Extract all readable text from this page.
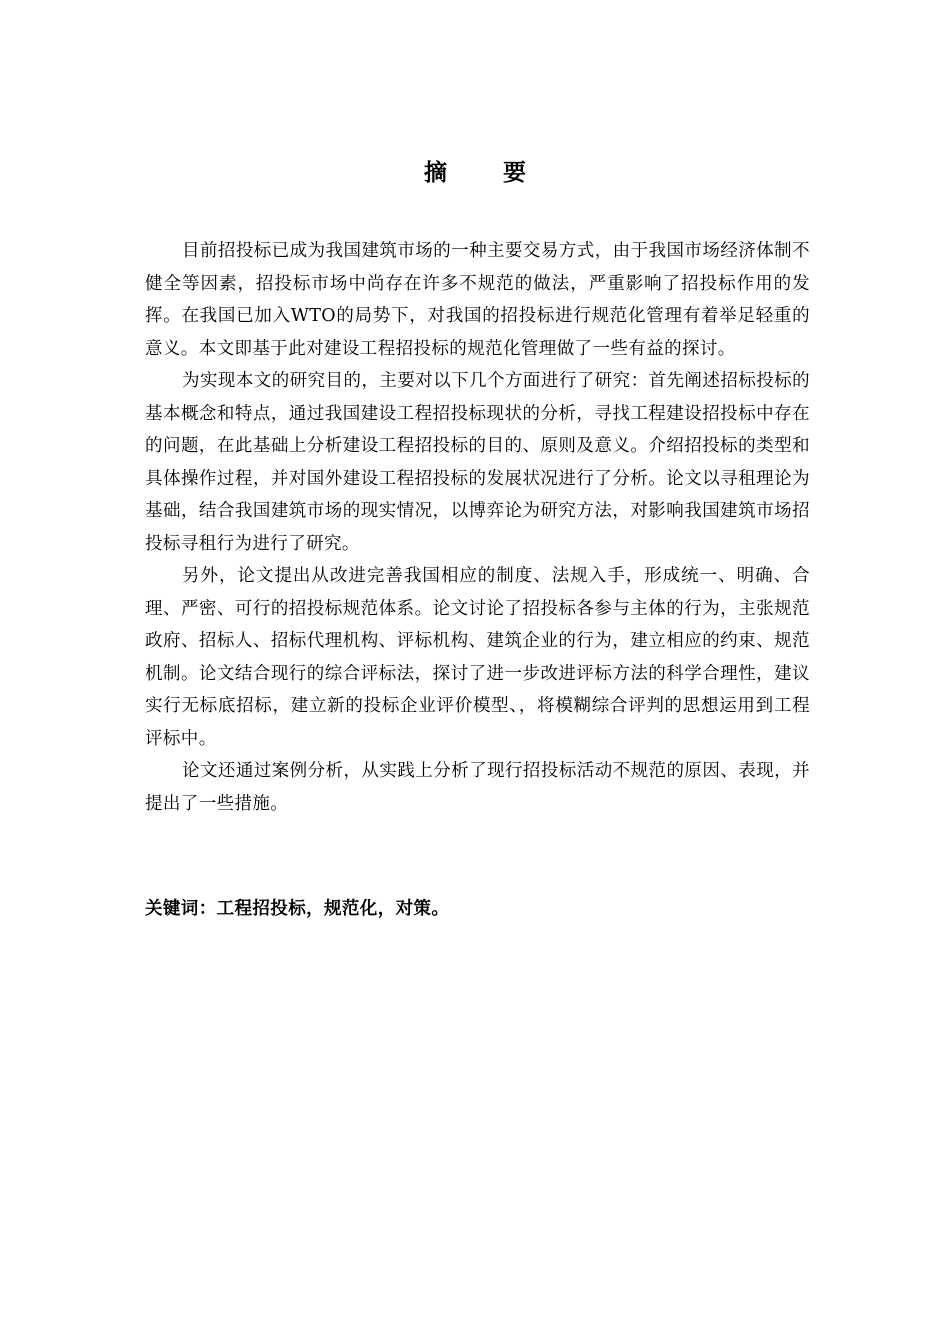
摘 要

目前招投标已成为我国建筑市场的一种主要交易方式，由于我国市场经济体制不健全等因素，招投标市场中尚存在许多不规范的做法，严重影响了招投标作用的发挥。在我国已加入WTO的局势下，对我国的招投标进行规范化管理有着举足轻重的意义。本文即基于此对建设工程招投标的规范化管理做了一些有益的探讨。

为实现本文的研究目的，主要对以下几个方面进行了研究：首先阐述招标投标的基本概念和特点，通过我国建设工程招投标现状的分析，寻找工程建设招投标中存在的问题，在此基础上分析建设工程招投标的目的、原则及意义。介绍招投标的类型和具体操作过程，并对国外建设工程招投标的发展状况进行了分析。论文以寻租理论为基础，结合我国建筑市场的现实情况，以博弈论为研究方法，对影响我国建筑市场招投标寻租行为进行了研究。

另外，论文提出从改进完善我国相应的制度、法规入手，形成统一、明确、合理、严密、可行的招投标规范体系。论文讨论了招投标各参与主体的行为，主张规范政府、招标人、招标代理机构、评标机构、建筑企业的行为，建立相应的约束、规范机制。论文结合现行的综合评标法，探讨了进一步改进评标方法的科学合理性，建议实行无标底招标，建立新的投标企业评价模型、，将模糊综合评判的思想运用到工程评标中。

论文还通过案例分析，从实践上分析了现行招投标活动不规范的原因、表现，并提出了一些措施。

关键词：工程招投标，规范化，对策。
